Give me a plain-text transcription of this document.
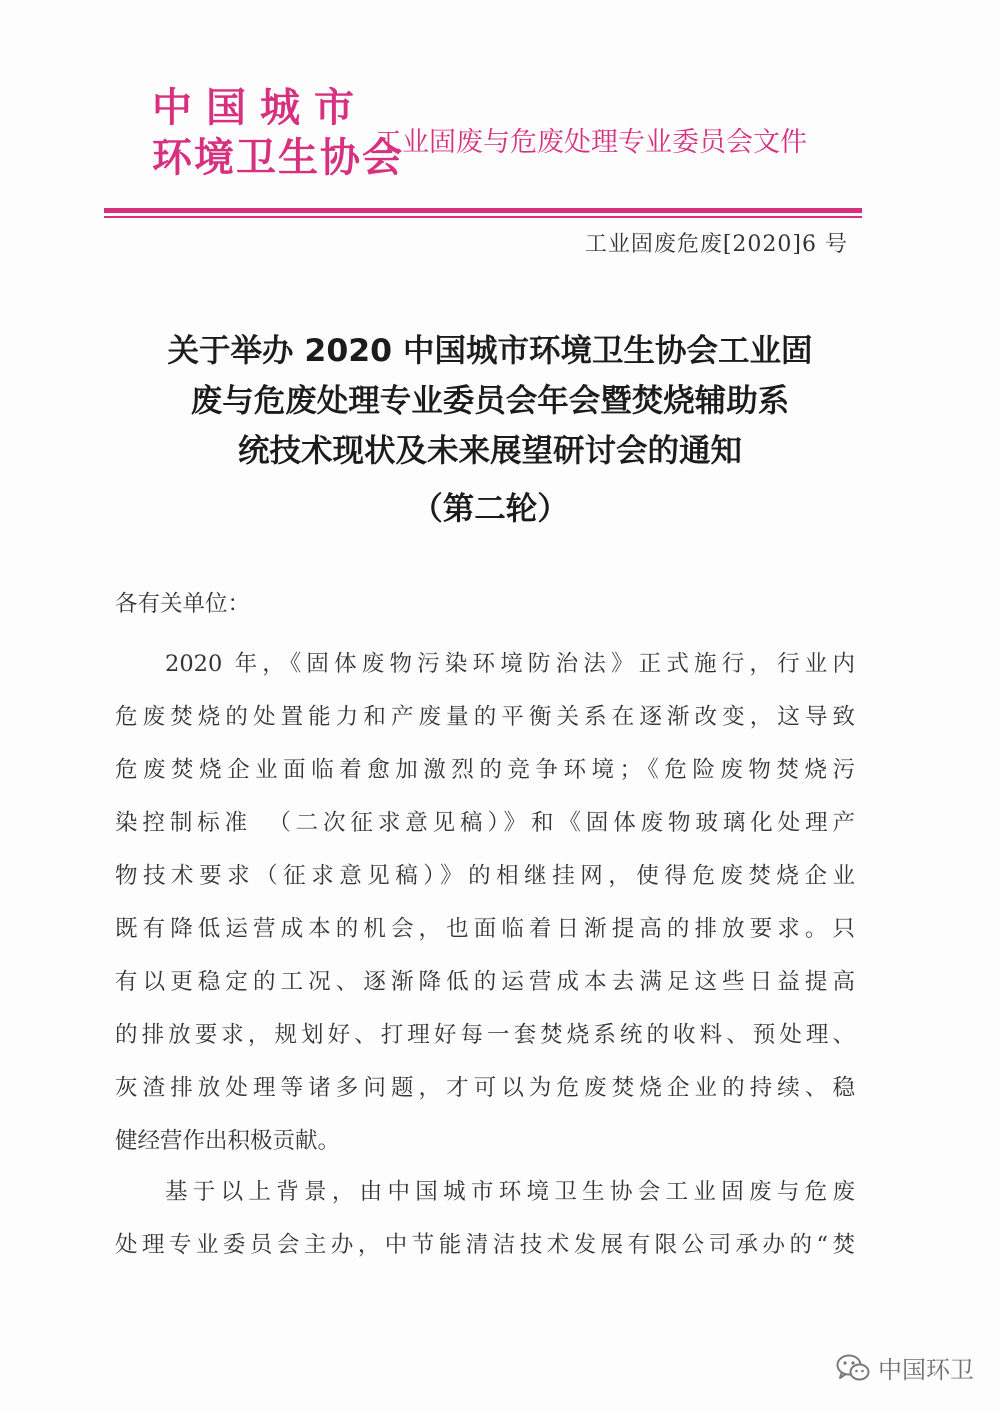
中国城市
环境卫生协会
工业固废与危废处理专业委员会文件
工业固废危废[2020]6 号
关于举办 2020 中国城市环境卫生协会工业固
废与危废处理专业委员会年会暨焚烧辅助系
统技术现状及未来展望研讨会的通知
（第二轮）
各有关单位：
2020 年，《固体废物污染环境防治法》正式施行，行业内
危废焚烧的处置能力和产废量的平衡关系在逐渐改变，这导致
危废焚烧企业面临着愈加激烈的竞争环境；《危险废物焚烧污
染控制标准　（二次征求意见稿）》和《固体废物玻璃化处理产
物技术要求（征求意见稿）》的相继挂网，使得危废焚烧企业
既有降低运营成本的机会，也面临着日渐提高的排放要求。只
有以更稳定的工况、逐渐降低的运营成本去满足这些日益提高
的排放要求，规划好、打理好每一套焚烧系统的收料、预处理、
灰渣排放处理等诸多问题，才可以为危废焚烧企业的持续、稳
健经营作出积极贡献。
基于以上背景，由中国城市环境卫生协会工业固废与危废
处理专业委员会主办，中节能清洁技术发展有限公司承办的“焚
中国环卫
